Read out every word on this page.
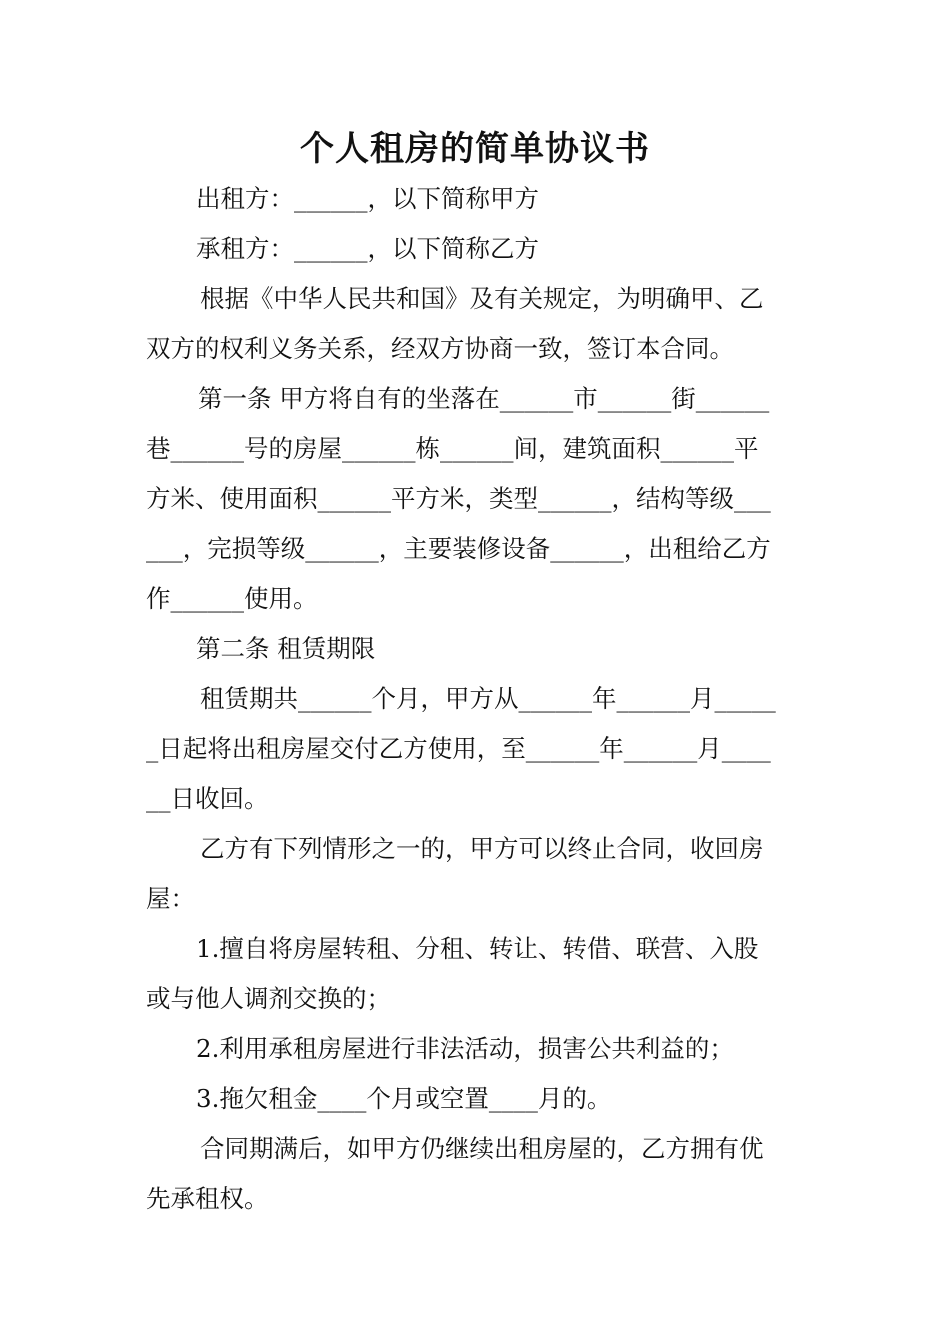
个人租房的简单协议书
出租方：______，以下简称甲方
承租方：______，以下简称乙方
根据《中华人民共和国》及有关规定，为明确甲、乙
双方的权利义务关系，经双方协商一致，签订本合同。
第一条 甲方将自有的坐落在______市______街______
巷______号的房屋______栋______间，建筑面积______平
方米、使用面积______平方米，类型______，结构等级___
___，完损等级______，主要装修设备______，出租给乙方
作______使用。
第二条 租赁期限
租赁期共______个月，甲方从______年______月_____
_日起将出租房屋交付乙方使用，至______年______月____
__日收回。
乙方有下列情形之一的，甲方可以终止合同，收回房
屋：
1.擅自将房屋转租、分租、转让、转借、联营、入股
或与他人调剂交换的；
2.利用承租房屋进行非法活动，损害公共利益的；
3.拖欠租金____个月或空置____月的。
合同期满后，如甲方仍继续出租房屋的，乙方拥有优
先承租权。
